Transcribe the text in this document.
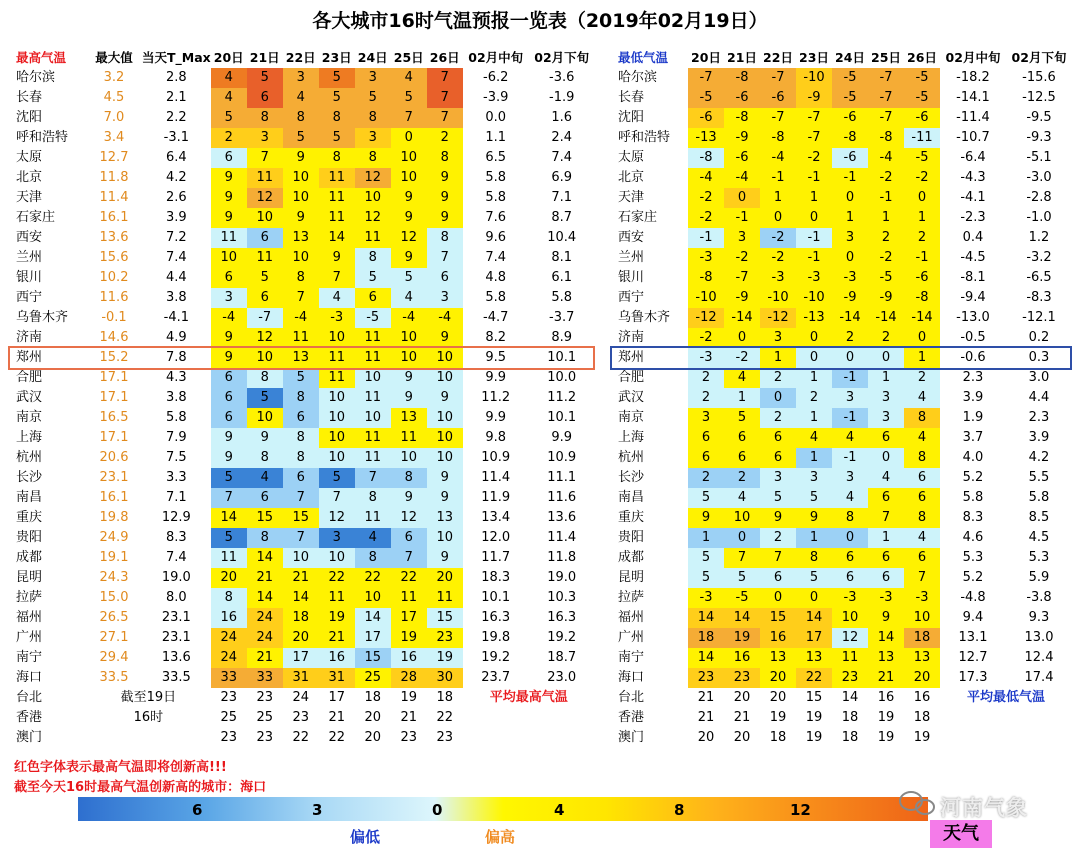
各大城市16时气温预报一览表（2019年02月19日）
最高气温	最大值	当天T_Max	20日	21日	22日	23日	24日	25日	26日	02月中旬	02月下旬
哈尔滨	3.2	2.8	4	5	3	5	3	4	7	-6.2	-3.6
长春	4.5	2.1	4	6	4	5	5	5	7	-3.9	-1.9
沈阳	7.0	2.2	5	8	8	8	8	7	7	0.0	1.6
呼和浩特	3.4	-3.1	2	3	5	5	3	0	2	1.1	2.4
太原	12.7	6.4	6	7	9	8	8	10	8	6.5	7.4
北京	11.8	4.2	9	11	10	11	12	10	9	5.8	6.9
天津	11.4	2.6	9	12	10	11	10	9	9	5.8	7.1
石家庄	16.1	3.9	9	10	9	11	12	9	9	7.6	8.7
西安	13.6	7.2	11	6	13	14	11	12	8	9.6	10.4
兰州	15.6	7.4	10	11	10	9	8	9	7	7.4	8.1
银川	10.2	4.4	6	5	8	7	5	5	6	4.8	6.1
西宁	11.6	3.8	3	6	7	4	6	4	3	5.8	5.8
乌鲁木齐	-0.1	-4.1	-4	-7	-4	-3	-5	-4	-4	-4.7	-3.7
济南	14.6	4.9	9	12	11	10	11	10	9	8.2	8.9
郑州	15.2	7.8	9	10	13	11	11	10	10	9.5	10.1
合肥	17.1	4.3	6	8	5	11	10	9	10	9.9	10.0
武汉	17.1	3.8	6	5	8	10	11	9	9	11.2	11.2
南京	16.5	5.8	6	10	6	10	10	13	10	9.9	10.1
上海	17.1	7.9	9	9	8	10	11	11	10	9.8	9.9
杭州	20.6	7.5	9	8	8	10	11	10	10	10.9	10.9
长沙	23.1	3.3	5	4	6	5	7	8	9	11.4	11.1
南昌	16.1	7.1	7	6	7	7	8	9	9	11.9	11.6
重庆	19.8	12.9	14	15	15	12	11	12	13	13.4	13.6
贵阳	24.9	8.3	5	8	7	3	4	6	10	12.0	11.4
成都	19.1	7.4	11	14	10	10	8	7	9	11.7	11.8
昆明	24.3	19.0	20	21	21	22	22	22	20	18.3	19.0
拉萨	15.0	8.0	8	14	14	11	10	11	11	10.1	10.3
福州	26.5	23.1	16	24	18	19	14	17	15	16.3	16.3
广州	27.1	23.1	24	24	20	21	17	19	23	19.8	19.2
南宁	29.4	13.6	24	21	17	16	15	16	19	19.2	18.7
海口	33.5	33.5	33	33	31	31	25	28	30	23.7	23.0
台北	截至19日		23	23	24	17	18	19	18	平均最高气温	
香港	16时		25	25	23	21	20	21	22		
澳门			23	23	22	22	20	23	23		
最低气温	20日	21日	22日	23日	24日	25日	26日	02月中旬	02月下旬
哈尔滨	-7	-8	-7	-10	-5	-7	-5	-18.2	-15.6
长春	-5	-6	-6	-9	-5	-7	-5	-14.1	-12.5
沈阳	-6	-8	-7	-7	-6	-7	-6	-11.4	-9.5
呼和浩特	-13	-9	-8	-7	-8	-8	-11	-10.7	-9.3
太原	-8	-6	-4	-2	-6	-4	-5	-6.4	-5.1
北京	-4	-4	-1	-1	-1	-2	-2	-4.3	-3.0
天津	-2	0	1	1	0	-1	0	-4.1	-2.8
石家庄	-2	-1	0	0	1	1	1	-2.3	-1.0
西安	-1	3	-2	-1	3	2	2	0.4	1.2
兰州	-3	-2	-2	-1	0	-2	-1	-4.5	-3.2
银川	-8	-7	-3	-3	-3	-5	-6	-8.1	-6.5
西宁	-10	-9	-10	-10	-9	-9	-8	-9.4	-8.3
乌鲁木齐	-12	-14	-12	-13	-14	-14	-14	-13.0	-12.1
济南	-2	0	3	0	2	2	0	-0.5	0.2
郑州	-3	-2	1	0	0	0	1	-0.6	0.3
合肥	2	4	2	1	-1	1	2	2.3	3.0
武汉	2	1	0	2	3	3	4	3.9	4.4
南京	3	5	2	1	-1	3	8	1.9	2.3
上海	6	6	6	4	4	6	4	3.7	3.9
杭州	6	6	6	1	-1	0	8	4.0	4.2
长沙	2	2	3	3	3	4	6	5.2	5.5
南昌	5	4	5	5	4	6	6	5.8	5.8
重庆	9	10	9	9	8	7	8	8.3	8.5
贵阳	1	0	2	1	0	1	4	4.6	4.5
成都	5	7	7	8	6	6	6	5.3	5.3
昆明	5	5	6	5	6	6	7	5.2	5.9
拉萨	-3	-5	0	0	-3	-3	-3	-4.8	-3.8
福州	14	14	15	14	10	9	10	9.4	9.3
广州	18	19	16	17	12	14	18	13.1	13.0
南宁	14	16	13	13	11	13	13	12.7	12.4
海口	23	23	20	22	23	21	20	17.3	17.4
台北	21	20	20	15	14	16	16	平均最低气温	
香港	21	21	19	19	18	19	18		
澳门	20	20	18	19	18	19	19		
红色字体表示最高气温即将创新高!!!
截至今天16时最高气温创新高的城市：海口
6	3	0	4	8	12
偏低	偏高
河南气象
天气
